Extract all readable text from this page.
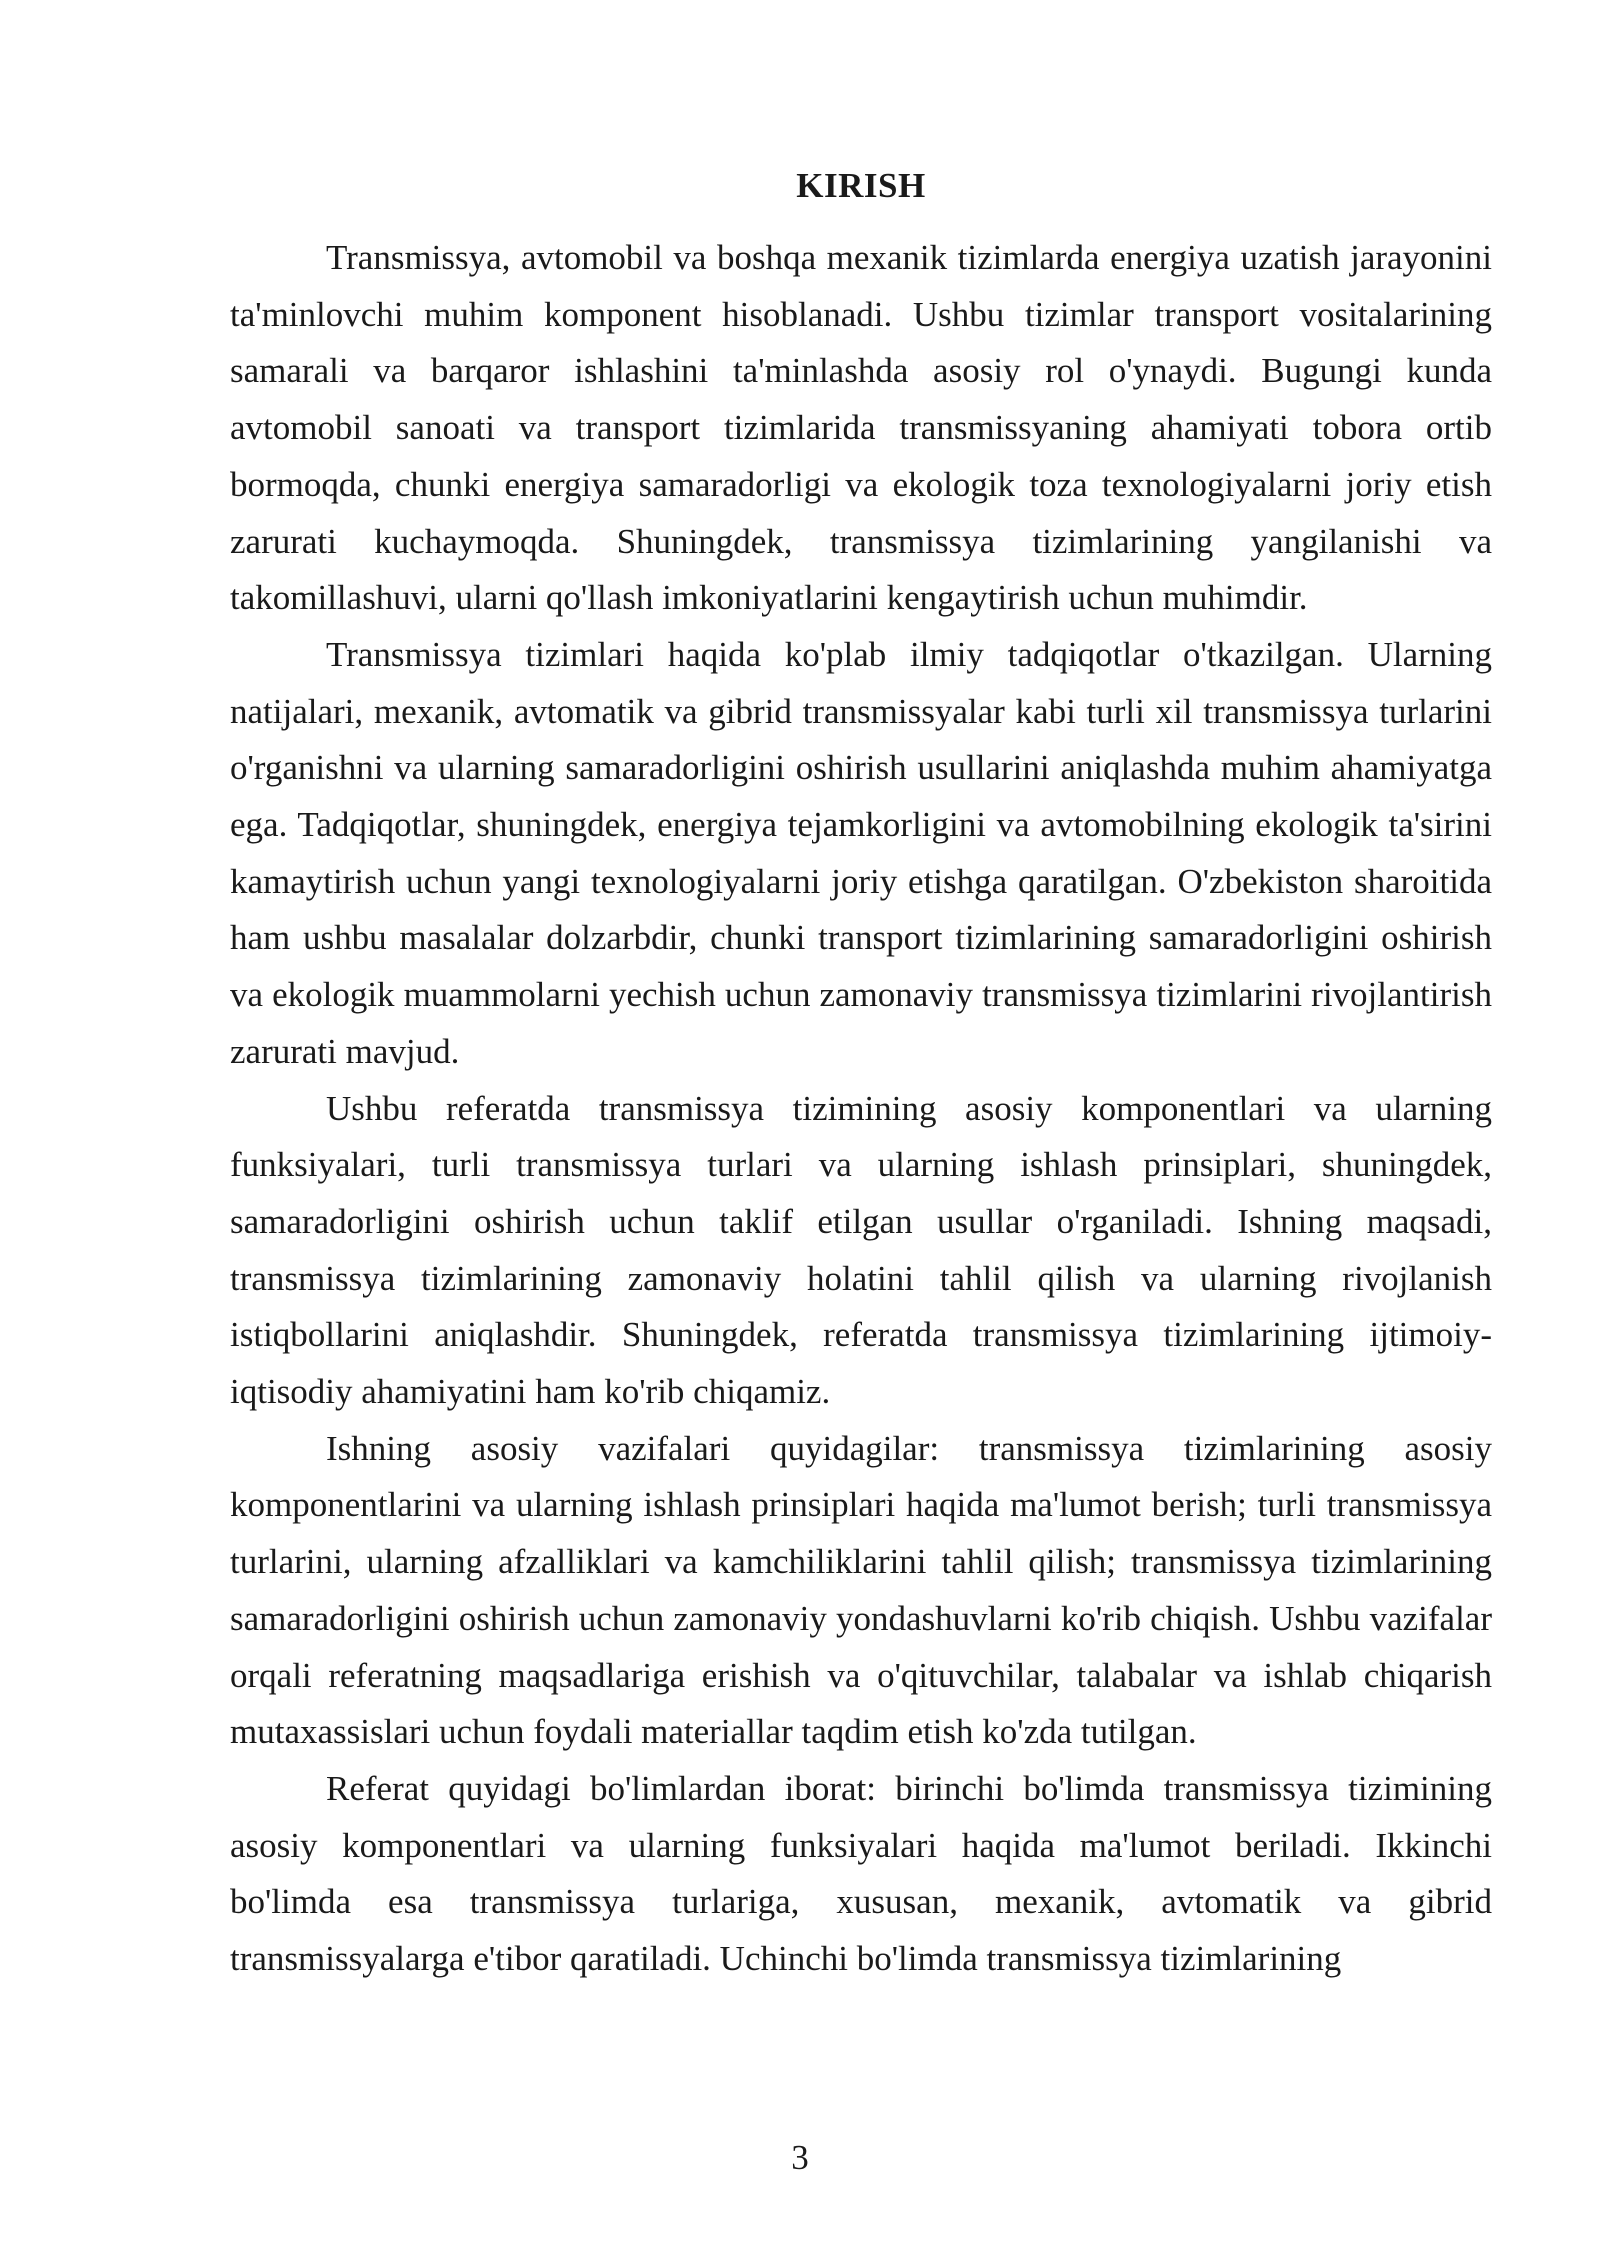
KIRISH

Transmissya, avtomobil va boshqa mexanik tizimlarda energiya uzatish jarayonini ta'minlovchi muhim komponent hisoblanadi. Ushbu tizimlar transport vositalarining samarali va barqaror ishlashini ta'minlashda asosiy rol o'ynaydi. Bugungi kunda avtomobil sanoati va transport tizimlarida transmissyaning ahamiyati tobora ortib bormoqda, chunki energiya samaradorligi va ekologik toza texnologiyalarni joriy etish zarurati kuchaymoqda. Shuningdek, transmissya tizimlarining yangilanishi va takomillashuvi, ularni qo'llash imkoniyatlarini kengaytirish uchun muhimdir.

Transmissya tizimlari haqida ko'plab ilmiy tadqiqotlar o'tkazilgan. Ularning natijalari, mexanik, avtomatik va gibrid transmissyalar kabi turli xil transmissya turlarini o'rganishni va ularning samaradorligini oshirish usullarini aniqlashda muhim ahamiyatga ega. Tadqiqotlar, shuningdek, energiya tejamkorligini va avtomobilning ekologik ta'sirini kamaytirish uchun yangi texnologiyalarni joriy etishga qaratilgan. O'zbekiston sharoitida ham ushbu masalalar dolzarbdir, chunki transport tizimlarining samaradorligini oshirish va ekologik muammolarni yechish uchun zamonaviy transmissya tizimlarini rivojlantirish zarurati mavjud.

Ushbu referatda transmissya tizimining asosiy komponentlari va ularning funksiyalari, turli transmissya turlari va ularning ishlash prinsiplari, shuningdek, samaradorligini oshirish uchun taklif etilgan usullar o'rganiladi. Ishning maqsadi, transmissya tizimlarining zamonaviy holatini tahlil qilish va ularning rivojlanish istiqbollarini aniqlashdir. Shuningdek, referatda transmissya tizimlarining ijtimoiy-iqtisodiy ahamiyatini ham ko'rib chiqamiz.

Ishning asosiy vazifalari quyidagilar: transmissya tizimlarining asosiy komponentlarini va ularning ishlash prinsiplari haqida ma'lumot berish; turli transmissya turlarini, ularning afzalliklari va kamchiliklarini tahlil qilish; transmissya tizimlarining samaradorligini oshirish uchun zamonaviy yondashuvlarni ko'rib chiqish. Ushbu vazifalar orqali referatning maqsadlariga erishish va o'qituvchilar, talabalar va ishlab chiqarish mutaxassislari uchun foydali materiallar taqdim etish ko'zda tutilgan.

Referat quyidagi bo'limlardan iborat: birinchi bo'limda transmissya tizimining asosiy komponentlari va ularning funksiyalari haqida ma'lumot beriladi. Ikkinchi bo'limda esa transmissya turlariga, xususan, mexanik, avtomatik va gibrid transmissyalarga e'tibor qaratiladi. Uchinchi bo'limda transmissya tizimlarining

3
